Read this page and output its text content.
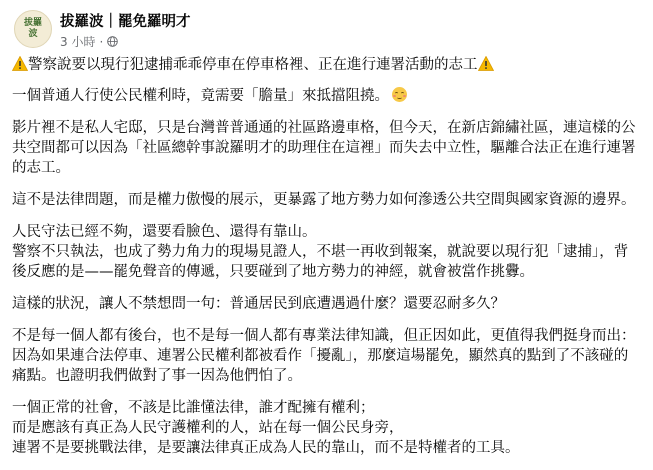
拔羅
波
拔羅波｜罷免羅明才
3 小時 ·

警察說要以現行犯逮捕乖乖停車在停車格裡、正在進行連署活動的志工

一個普通人行使公民權利時，竟需要「膽量」來抵擋阻撓。

影片裡不是私人宅邸，只是台灣普普通通的社區路邊車格，但今天，在新店錦繡社區，連這樣的公共空間都可以因為「社區總幹事說羅明才的助理住在這裡」而失去中立性，驅離合法正在進行連署的志工。

這不是法律問題，而是權力傲慢的展示，更暴露了地方勢力如何滲透公共空間與國家資源的邊界。

人民守法已經不夠，還要看臉色、還得有靠山。
警察不只執法，也成了勢力角力的現場見證人，不堪一再收到報案，就說要以現行犯「逮捕」，背後反應的是——罷免聲音的傳遞，只要碰到了地方勢力的神經，就會被當作挑釁。

這樣的狀況，讓人不禁想問一句：普通居民到底遭遇過什麼？還要忍耐多久？

不是每一個人都有後台，也不是每一個人都有專業法律知識，但正因如此，更值得我們挺身而出：因為如果連合法停車、連署公民權利都被看作「擾亂」，那麼這場罷免，顯然真的點到了不該碰的痛點。也證明我們做對了事一因為他們怕了。

一個正常的社會，不該是比誰懂法律，誰才配擁有權利；
而是應該有真正為人民守護權利的人，站在每一個公民身旁，
連署不是要挑戰法律，是要讓法律真正成為人民的靠山，而不是特權者的工具。
